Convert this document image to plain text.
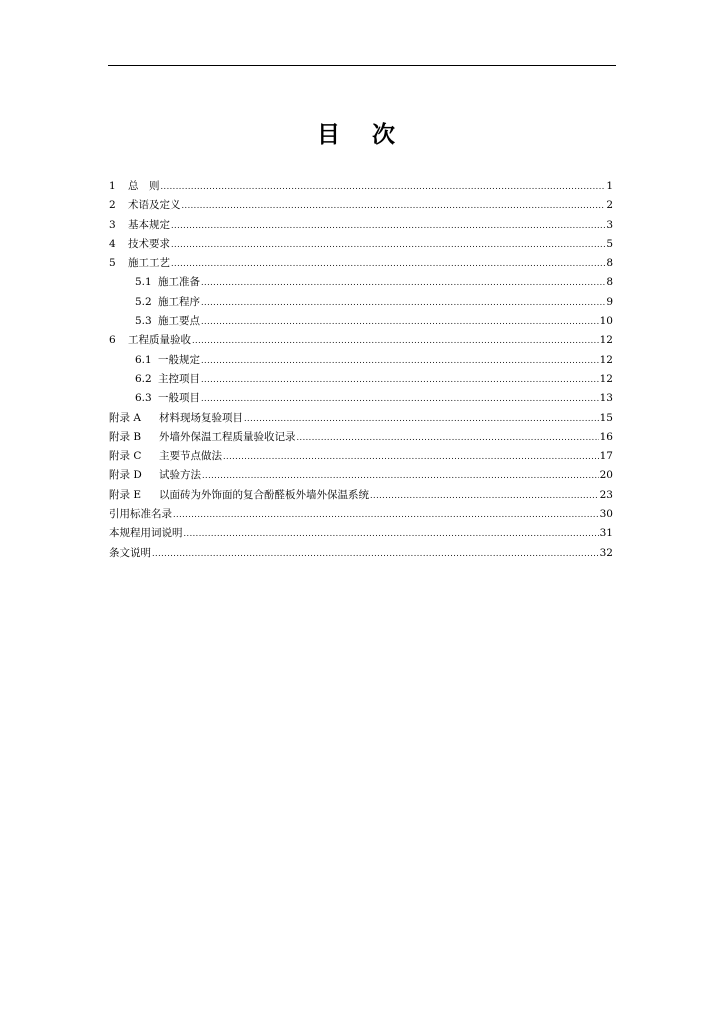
目 次
1	总　则 .....	1
2	术语及定义 .....	2
3	基本规定 .....	3
4	技术要求 .....	5
5	施工工艺 .....	8
5.1 施工准备 .....	8
5.2 施工程序 .....	9
5.3 施工要点 .....	10
6	工程质量验收 .....	12
6.1 一般规定 .....	12
6.2 主控项目 .....	12
6.3 一般项目 .....	13
附录 A	材料现场复验项目 .....	15
附录 B	外墙外保温工程质量验收记录 .....	16
附录 C	主要节点做法 .....	17
附录 D	试验方法 .....	20
附录 E	以面砖为外饰面的复合酚醛板外墙外保温系统 .....	23
引用标准名录 .....	30
本规程用词说明 .....	31
条文说明 .....	32
